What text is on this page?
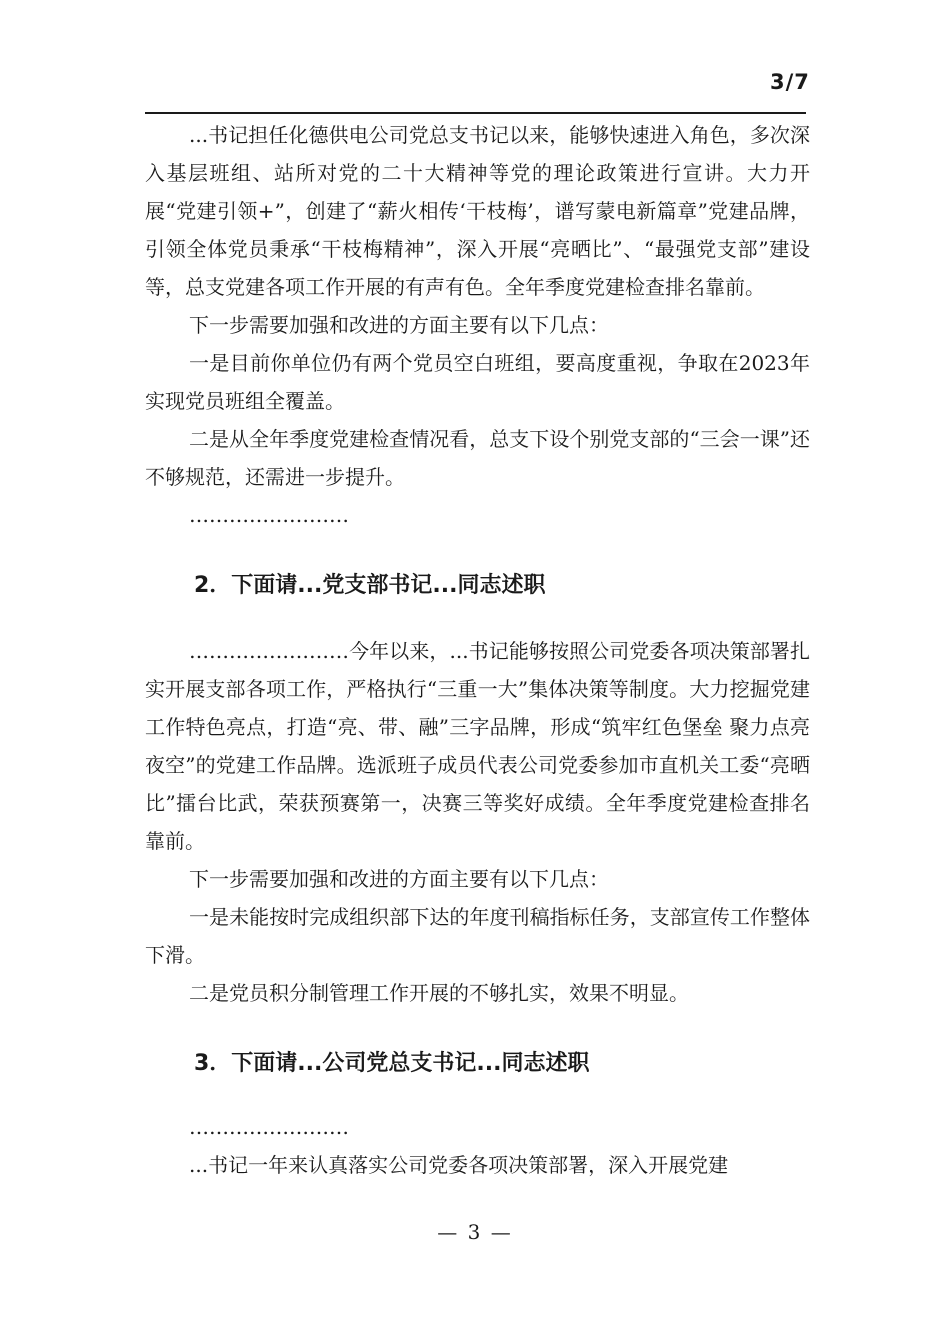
3/7

...书记担任化德供电公司党总支书记以来，能够快速进入角色，多次深入基层班组、站所对党的二十大精神等党的理论政策进行宣讲。大力开展“党建引领+”，创建了“薪火相传‘干枝梅’，谱写蒙电新篇章”党建品牌，引领全体党员秉承“干枝梅精神”，深入开展“亮晒比”、“最强党支部”建设等，总支党建各项工作开展的有声有色。全年季度党建检查排名靠前。

下一步需要加强和改进的方面主要有以下几点：

一是目前你单位仍有两个党员空白班组，要高度重视，争取在2023年实现党员班组全覆盖。

二是从全年季度党建检查情况看，总支下设个别党支部的“三会一课”还不够规范，还需进一步提升。

……………………

2．下面请...党支部书记...同志述职

……………………今年以来，...书记能够按照公司党委各项决策部署扎实开展支部各项工作，严格执行“三重一大”集体决策等制度。大力挖掘党建工作特色亮点，打造“亮、带、融”三字品牌，形成“筑牢红色堡垒 聚力点亮夜空”的党建工作品牌。选派班子成员代表公司党委参加市直机关工委“亮晒比”擂台比武，荣获预赛第一，决赛三等奖好成绩。全年季度党建检查排名靠前。

下一步需要加强和改进的方面主要有以下几点：

一是未能按时完成组织部下达的年度刊稿指标任务，支部宣传工作整体下滑。

二是党员积分制管理工作开展的不够扎实，效果不明显。

3．下面请...公司党总支书记...同志述职

……………………

...书记一年来认真落实公司党委各项决策部署，深入开展党建

— 3 —
